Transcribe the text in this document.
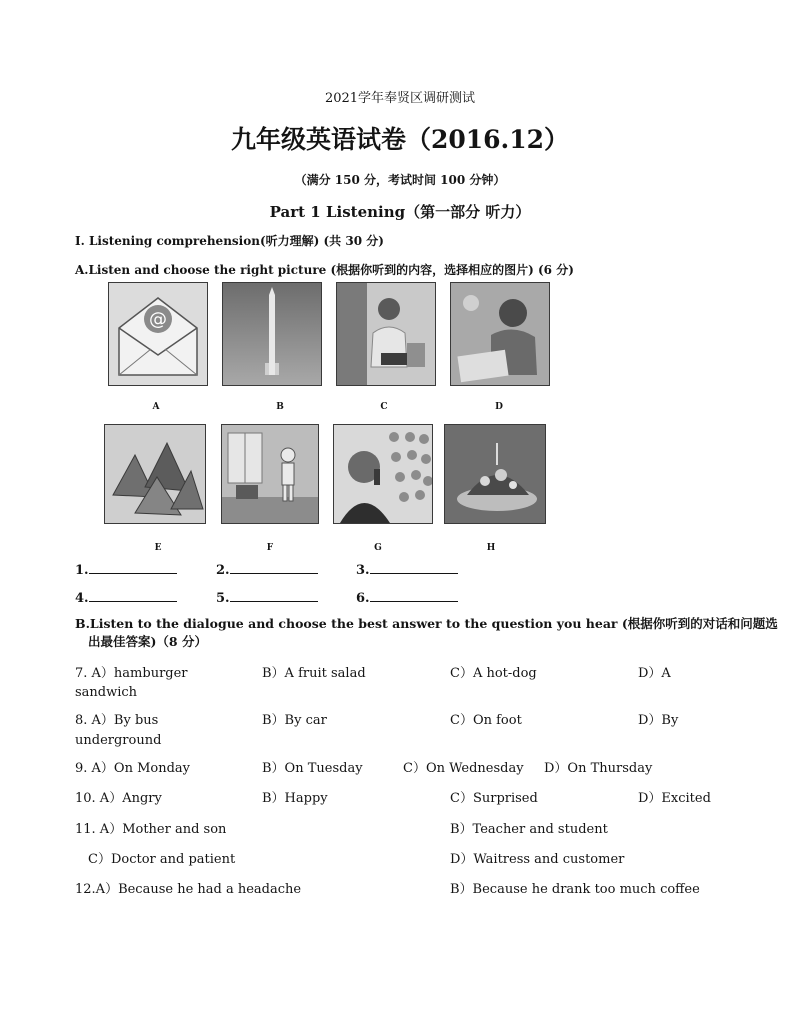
2021学年奉贤区调研测试
九年级英语试卷（2016.12）
（满分 150 分，考试时间 100 分钟）
Part 1 Listening（第一部分 听力）
I. Listening comprehension(听力理解) (共 30 分)
A.Listen and choose the right picture (根据你听到的内容，选择相应的图片) (6 分)
@
A	B	C	D
E	F	G	H
1.	2.	3.
4.	5.	6.
B.Listen to the dialogue and choose the best answer to the question you hear (根据你听到的对话和问题选
出最佳答案)（8 分）
7. A）hamburger	B）A fruit salad	C）A hot-dog	D）A
sandwich
8. A）By bus	B）By car	C）On foot	D）By
underground
9. A）On Monday	B）On Tuesday	C）On Wednesday D）On Thursday
10. A）Angry	B）Happy	C）Surprised	D）Excited
11. A）Mother and son	B）Teacher and student
C）Doctor and patient	D）Waitress and customer
12.A）Because he had a headache	B）Because he drank too much coffee
